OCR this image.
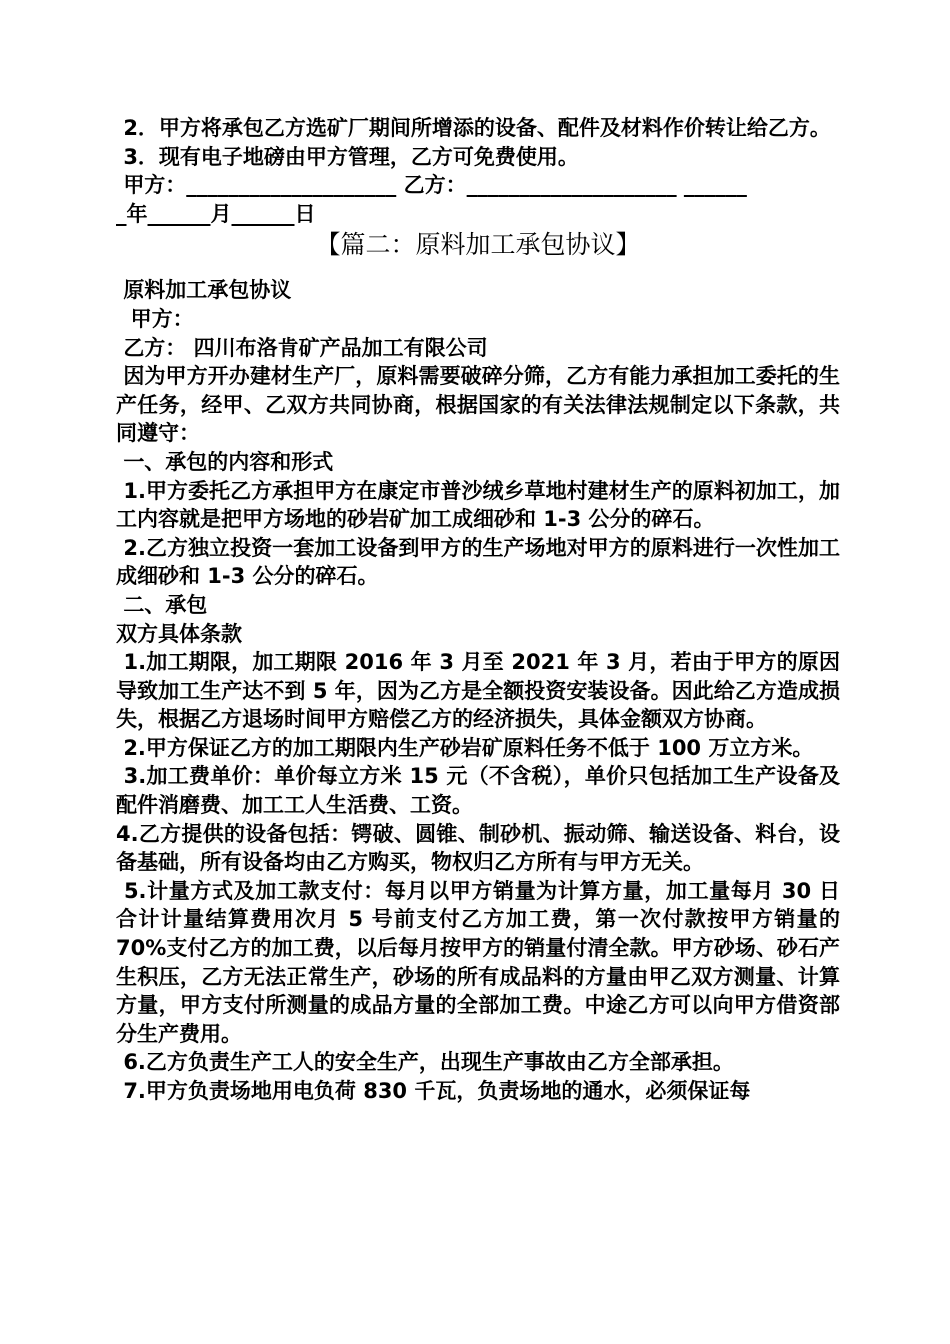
2．甲方将承包乙方选矿厂期间所增添的设备、配件及材料作价转让给乙方。

3．现有电子地磅由甲方管理，乙方可免费使用。

甲方：____________________ 乙方：____________________ ______

_年______月______日

【篇二：原料加工承包协议】

原料加工承包协议

甲方：

乙方： 四川布洛肯矿产品加工有限公司

因为甲方开办建材生产厂，原料需要破碎分筛，乙方有能力承担加工委托的生产任务，经甲、乙双方共同协商，根据国家的有关法律法规制定以下条款，共同遵守：

一、承包的内容和形式

1.甲方委托乙方承担甲方在康定市普沙绒乡草地村建材生产的原料初加工，加工内容就是把甲方场地的砂岩矿加工成细砂和 1-3 公分的碎石。

2.乙方独立投资一套加工设备到甲方的生产场地对甲方的原料进行一次性加工成细砂和 1-3 公分的碎石。

二、承包

双方具体条款

1.加工期限，加工期限 2016 年 3 月至 2021 年 3 月，若由于甲方的原因导致加工生产达不到 5 年，因为乙方是全额投资安装设备。因此给乙方造成损失，根据乙方退场时间甲方赔偿乙方的经济损失，具体金额双方协商。

2.甲方保证乙方的加工期限内生产砂岩矿原料任务不低于 100 万立方米。

3.加工费单价：单价每立方米 15 元（不含税），单价只包括加工生产设备及配件消磨费、加工工人生活费、工资。

4.乙方提供的设备包括：锷破、圆锥、制砂机、振动筛、输送设备、料台，设备基础，所有设备均由乙方购买，物权归乙方所有与甲方无关。

5.计量方式及加工款支付：每月以甲方销量为计算方量，加工量每月 30 日合计计量结算费用次月 5 号前支付乙方加工费，第一次付款按甲方销量的 70%支付乙方的加工费，以后每月按甲方的销量付清全款。甲方砂场、砂石产生积压，乙方无法正常生产，砂场的所有成品料的方量由甲乙双方测量、计算方量，甲方支付所测量的成品方量的全部加工费。中途乙方可以向甲方借资部分生产费用。

6.乙方负责生产工人的安全生产，出现生产事故由乙方全部承担。

7.甲方负责场地用电负荷 830 千瓦，负责场地的通水，必须保证每
